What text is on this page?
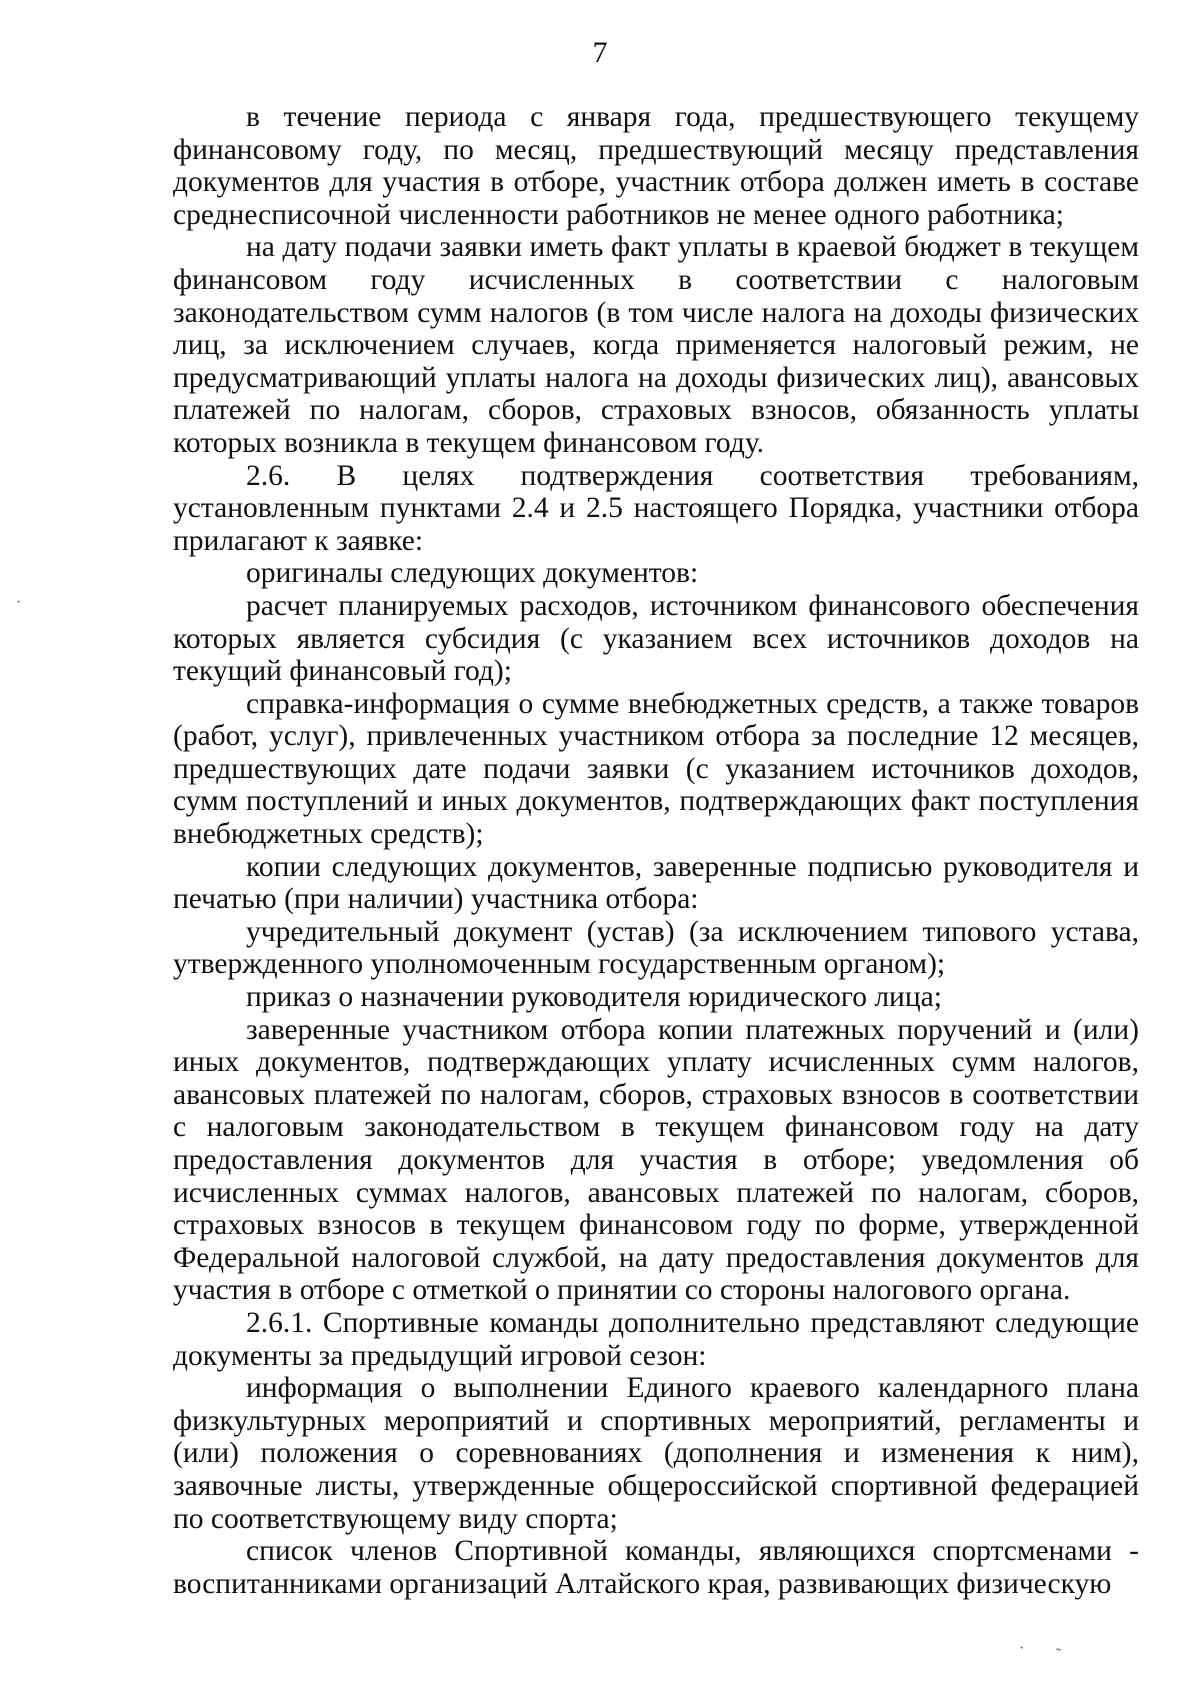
7

в течение периода с января года, предшествующего текущему финансовому году, по месяц, предшествующий месяцу представления документов для участия в отборе, участник отбора должен иметь в составе среднесписочной численности работников не менее одного работника;

на дату подачи заявки иметь факт уплаты в краевой бюджет в текущем финансовом году исчисленных в соответствии с налоговым законодательством сумм налогов (в том числе налога на доходы физических лиц, за исключением случаев, когда применяется налоговый режим, не предусматривающий уплаты налога на доходы физических лиц), авансовых платежей по налогам, сборов, страховых взносов, обязанность уплаты которых возникла в текущем финансовом году.

2.6. В целях подтверждения соответствия требованиям, установленным пунктами 2.4 и 2.5 настоящего Порядка, участники отбора прилагают к заявке:

оригиналы следующих документов:

расчет планируемых расходов, источником финансового обеспечения которых является субсидия (с указанием всех источников доходов на текущий финансовый год);

справка-информация о сумме внебюджетных средств, а также товаров (работ, услуг), привлеченных участником отбора за последние 12 месяцев, предшествующих дате подачи заявки (с указанием источников доходов, сумм поступлений и иных документов, подтверждающих факт поступления внебюджетных средств);

копии следующих документов, заверенные подписью руководителя и печатью (при наличии) участника отбора:

учредительный документ (устав) (за исключением типового устава, утвержденного уполномоченным государственным органом);

приказ о назначении руководителя юридического лица;

заверенные участником отбора копии платежных поручений и (или) иных документов, подтверждающих уплату исчисленных сумм налогов, авансовых платежей по налогам, сборов, страховых взносов в соответствии с налоговым законодательством в текущем финансовом году на дату предоставления документов для участия в отборе; уведомления об исчисленных суммах налогов, авансовых платежей по налогам, сборов, страховых взносов в текущем финансовом году по форме, утвержденной Федеральной налоговой службой, на дату предоставления документов для участия в отборе с отметкой о принятии со стороны налогового органа.

2.6.1. Спортивные команды дополнительно представляют следующие документы за предыдущий игровой сезон:

информация о выполнении Единого краевого календарного плана физкультурных мероприятий и спортивных мероприятий, регламенты и (или) положения о соревнованиях (дополнения и изменения к ним), заявочные листы, утвержденные общероссийской спортивной федерацией по соответствующему виду спорта;

список членов Спортивной команды, являющихся спортсменами - воспитанниками организаций Алтайского края, развивающих физическую

·
· ˜
